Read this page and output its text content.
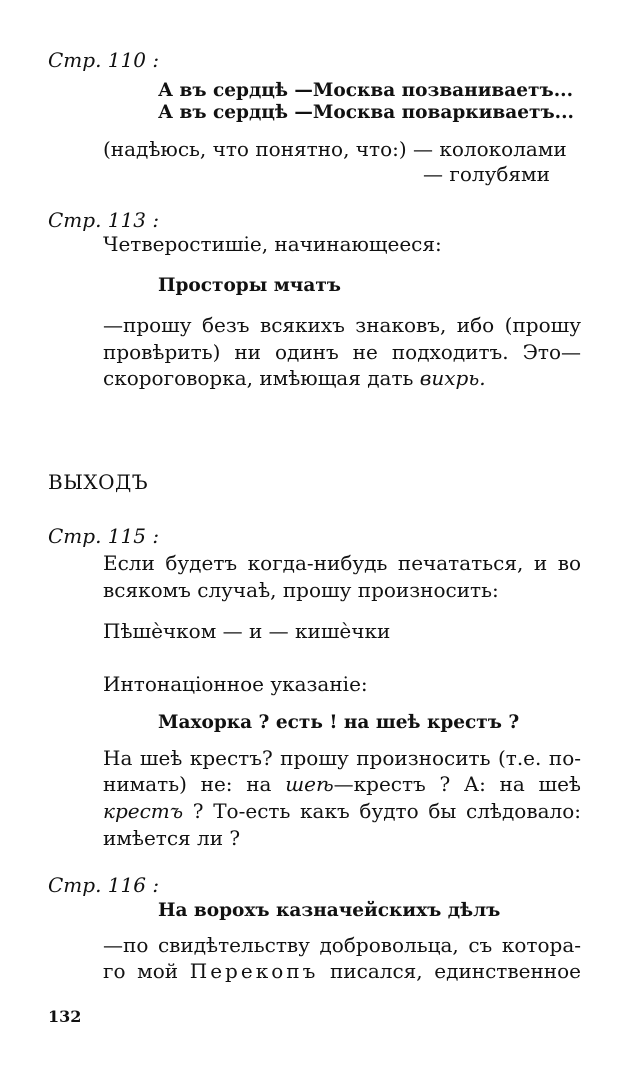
Стр. 110 :

А въ сердцѣ —Москва позваниваетъ...

А въ сердцѣ —Москва поваркиваетъ...

(надѣюсь, что понятно, что:) — колоколами

— голубями

Стр. 113 :

Четверостишіе, начинающееся:

Просторы мчатъ

—прошу безъ всякихъ знаковъ, ибо (прошу

провѣрить) ни одинъ не подходитъ. Это—

скороговорка, имѣющая дать вихрь.

ВЫХОДЪ

Стр. 115 :

Если будетъ когда-нибудь печататься, и во

всякомъ случаѣ, прошу произносить:

Пѣшѐчком — и — кишѐчки

Интонаціонное указаніе:

Махорка ? есть ! на шеѣ крестъ ?

На шеѣ крестъ? прошу произносить (т.е. по-

нимать) не: на шеѣ—крестъ ? А: на шеѣ

крестъ ? То-есть какъ будто бы слѣдовало:

имѣется ли ?

Стр. 116 :

На ворохъ казначейскихъ дѣлъ

—по свидѣтельству добровольца, съ котора-

го мой Перекопъ писался, единственное

132
